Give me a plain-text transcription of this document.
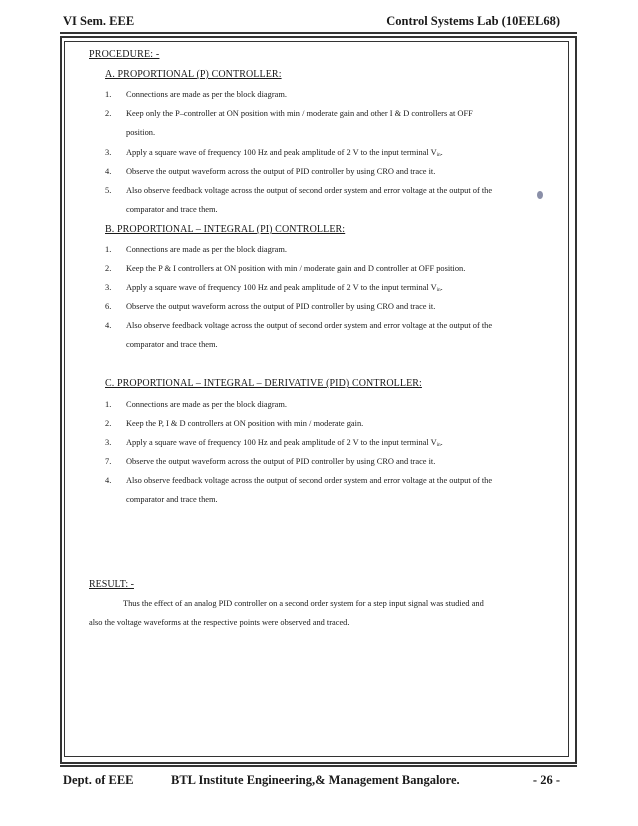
VI Sem. EEE	Control Systems Lab (10EEL68)
PROCEDURE: -
A. PROPORTIONAL (P) CONTROLLER:
1. Connections are made as per the block diagram.
2. Keep only the P–controller at ON position with min / moderate gain and other I & D controllers at OFF
position.
3. Apply a square wave of frequency 100 Hz and peak amplitude of 2 V to the input terminal $V_{in}$.
4. Observe the output waveform across the output of PID controller by using CRO and trace it.
5. Also observe feedback voltage across the output of second order system and error voltage at the output of the
comparator and trace them.
B. PROPORTIONAL – INTEGRAL (PI) CONTROLLER:
1. Connections are made as per the block diagram.
2. Keep the P & I controllers at ON position with min / moderate gain and D controller at OFF position.
3. Apply a square wave of frequency 100 Hz and peak amplitude of 2 V to the input terminal $V_{in}$.
6. Observe the output waveform across the output of PID controller by using CRO and trace it.
4. Also observe feedback voltage across the output of second order system and error voltage at the output of the
comparator and trace them.
C. PROPORTIONAL – INTEGRAL – DERIVATIVE (PID) CONTROLLER:
1. Connections are made as per the block diagram.
2. Keep the P, I & D controllers at ON position with min / moderate gain.
3. Apply a square wave of frequency 100 Hz and peak amplitude of 2 V to the input terminal $V_{in}$.
7. Observe the output waveform across the output of PID controller by using CRO and trace it.
4. Also observe feedback voltage across the output of second order system and error voltage at the output of the
comparator and trace them.
RESULT: -
Thus the effect of an analog PID controller on a second order system for a step input signal was studied and
also the voltage waveforms at the respective points were observed and traced.
Dept. of EEE	BTL Institute Engineering,& Management Bangalore.	- 26 -
